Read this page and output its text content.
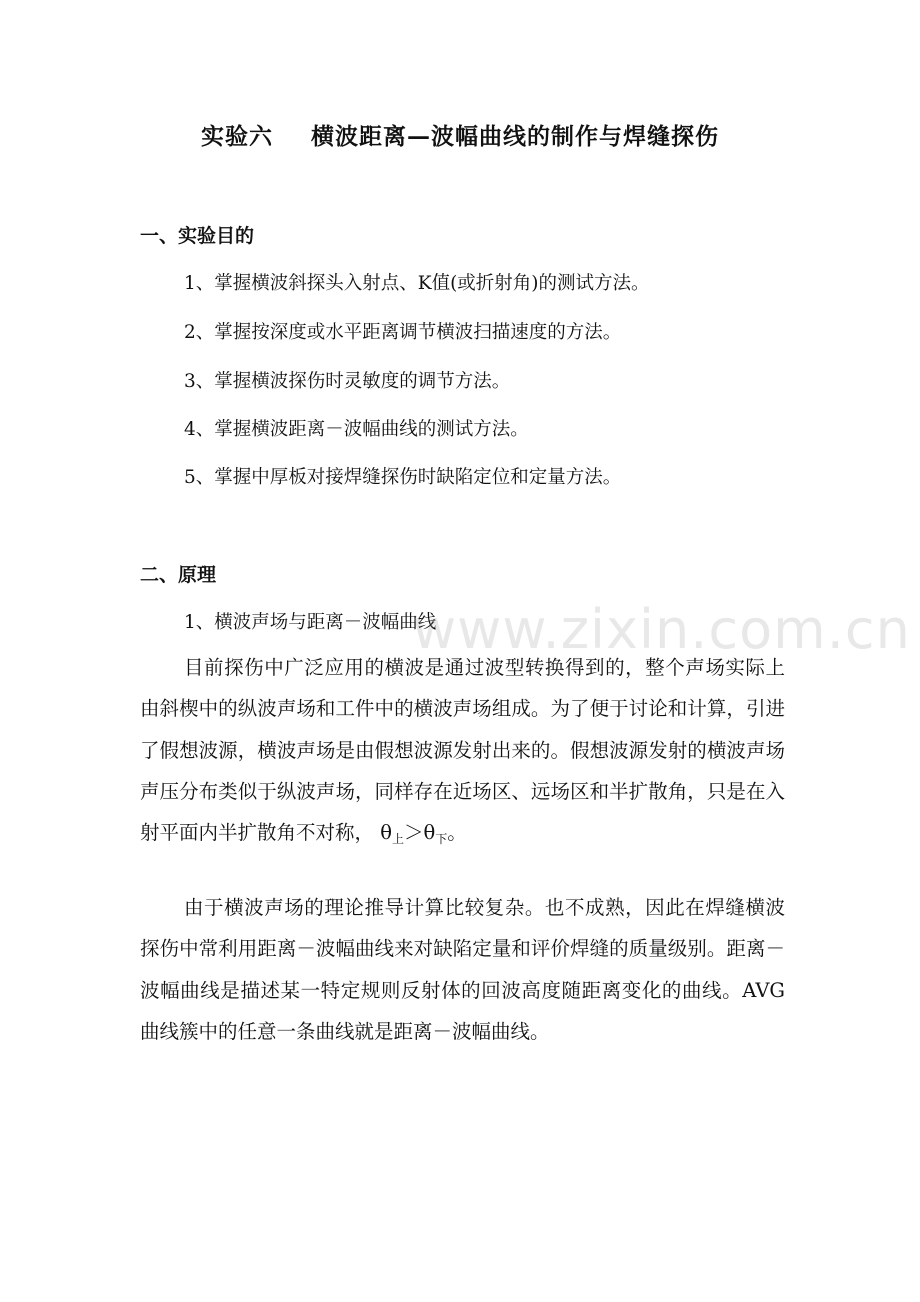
实验六 横波距离—波幅曲线的制作与焊缝探伤
一、实验目的
1、掌握横波斜探头入射点、K值(或折射角)的测试方法。
2、掌握按深度或水平距离调节横波扫描速度的方法。
3、掌握横波探伤时灵敏度的调节方法。
4、掌握横波距离－波幅曲线的测试方法。
5、掌握中厚板对接焊缝探伤时缺陷定位和定量方法。
二、原理
1、横波声场与距离－波幅曲线
目前探伤中广泛应用的横波是通过波型转换得到的，整个声场实际上由斜楔中的纵波声场和工件中的横波声场组成。为了便于讨论和计算，引进了假想波源，横波声场是由假想波源发射出来的。假想波源发射的横波声场声压分布类似于纵波声场，同样存在近场区、远场区和半扩散角，只是在入射平面内半扩散角不对称， $\theta_上>\theta_下$。
由于横波声场的理论推导计算比较复杂。也不成熟，因此在焊缝横波探伤中常利用距离－波幅曲线来对缺陷定量和评价焊缝的质量级别。距离－波幅曲线是描述某一特定规则反射体的回波高度随距离变化的曲线。AVG曲线簇中的任意一条曲线就是距离－波幅曲线。
www.zixin.com.cn
